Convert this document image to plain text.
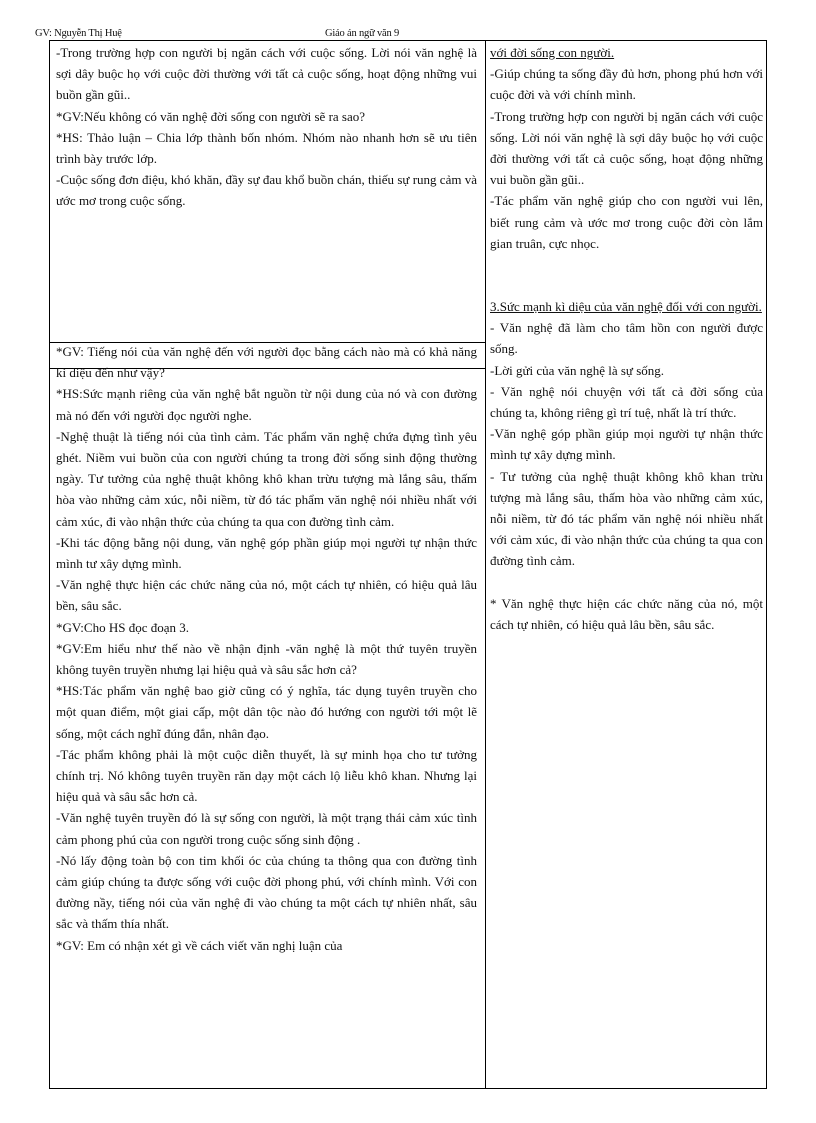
GV: Nguyễn Thị Huệ	Giáo án ngữ văn 9

-Trong trường hợp con người bị ngăn cách với cuộc sống. Lời nói văn nghệ là sợi dây buộc họ với cuộc đời thường với tất cả cuộc sống, hoạt động những vui buồn gần gũi..

*GV:Nếu không có văn nghệ đời sống con người sẽ ra sao?

*HS: Thảo luận – Chia lớp thành bốn nhóm. Nhóm nào nhanh hơn sẽ ưu tiên trình bày trước lớp.

-Cuộc sống đơn điệu, khó khăn, đầy sự đau khổ buồn chán, thiếu sự rung cảm và ước mơ trong cuộc sống.

*GV: Tiếng nói của văn nghệ đến với người đọc bằng cách nào mà có khả năng kì diệu đến như vậy?

*HS:Sức mạnh riêng của văn nghệ bắt nguồn từ nội dung của nó và con đường mà nó đến với người đọc người nghe.

-Nghệ thuật là tiếng nói của tình cảm. Tác phẩm văn nghệ chứa đựng tình yêu ghét. Niềm vui buồn của con người chúng ta trong đời sống sinh động thường ngày. Tư tưởng của nghệ thuật không khô khan trừu tượng mà lắng sâu, thấm hòa vào những cảm xúc, nỗi niềm, từ đó tác phẩm văn nghệ nói nhiều nhất với cảm xúc, đi vào nhận thức của chúng ta qua con đường tình cảm.

-Khi tác động bằng nội dung, văn nghệ góp phần giúp mọi người tự nhận thức mình tư xây dựng mình.

-Văn nghệ thực hiện các chức năng của nó, một cách tự nhiên, có hiệu quả lâu bền, sâu sắc.

*GV:Cho HS đọc đoạn 3.

*GV:Em hiểu như thế nào về nhận định -văn nghệ là một thứ tuyên truyền không tuyên truyền nhưng lại hiệu quả và sâu sắc hơn cả?

*HS:Tác phẩm văn nghệ bao giờ cũng có ý nghĩa, tác dụng tuyên truyền cho một quan điểm, một giai cấp, một dân tộc nào đó hướng con người tới một lẽ sống, một cách nghĩ đúng đắn, nhân đạo.

-Tác phẩm không phải là một cuộc diễn thuyết, là sự minh họa cho tư tưởng chính trị. Nó không tuyên truyền răn dạy một cách lộ liễu khô khan. Nhưng lại hiệu quả và sâu sắc hơn cả.

-Văn nghệ tuyên truyền đó là sự sống con người, là một trạng thái cảm xúc tình cảm phong phú của con người trong cuộc sống sinh động .

-Nó lấy động toàn bộ con tim khối óc của chúng ta thông qua con đường tình cảm giúp chúng ta được sống với cuộc đời phong phú, với chính mình. Với con đường nầy, tiếng nói của văn nghệ đi vào chúng ta một cách tự nhiên nhất, sâu sắc và thấm thía nhất.

*GV: Em có nhận xét gì về cách viết văn nghị luận của

với đời sống con người.

-Giúp chúng ta sống đầy đủ hơn, phong phú hơn với cuộc đời và với chính mình.

-Trong trường hợp con người bị ngăn cách với cuộc sống. Lời nói văn nghệ là sợi dây buộc họ với cuộc đời thường với tất cả cuộc sống, hoạt động những vui buồn gần gũi..

-Tác phẩm văn nghệ giúp cho con người vui lên, biết rung cảm và ước mơ trong cuộc đời còn lắm gian truân, cực nhọc.

3.Sức mạnh kì diệu của văn nghệ đối với con người.

- Văn nghệ đã làm cho tâm hồn con người được sống.

-Lời gửi của văn nghệ là sự sống.

- Văn nghệ nói chuyện với tất cả đời sống của chúng ta, không riêng gì trí tuệ, nhất là trí thức.

-Văn nghệ góp phần giúp mọi người tự nhận thức mình tự xây dựng mình.

- Tư tưởng của nghệ thuật không khô khan trừu tượng mà lắng sâu, thấm hòa vào những cảm xúc, nỗi niềm, từ đó tác phẩm văn nghệ nói nhiều nhất với cảm xúc, đi vào nhận thức của chúng ta qua con đường tình cảm.

* Văn nghệ thực hiện các chức năng của nó, một cách tự nhiên, có hiệu quả lâu bền, sâu sắc.
